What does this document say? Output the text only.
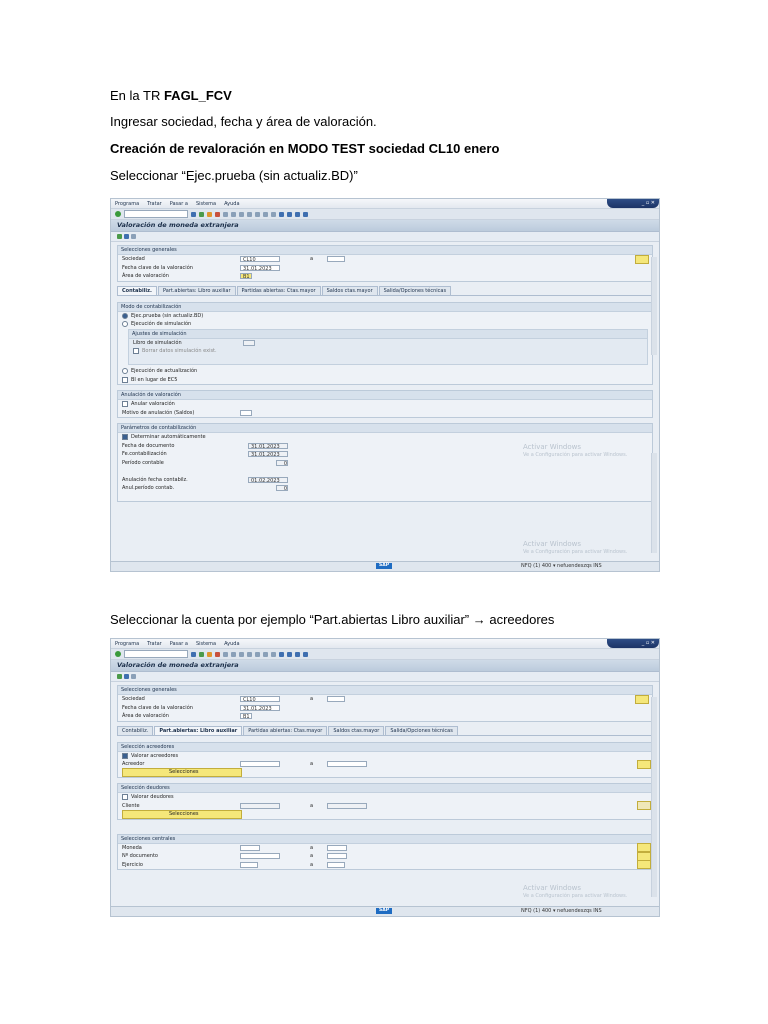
En la TR FAGL_FCV
Ingresar sociedad, fecha y área de valoración.
Creación de revaloración en MODO TEST sociedad CL10 enero
Seleccionar “Ejec.prueba (sin actualiz.BD)”
Seleccionar la cuenta por ejemplo “Part.abiertas Libro auxiliar” → acreedores
Programa Tratar Pasar a Sistema Ayuda	_ ▫ ✕
Valoración de moneda extranjera
Selecciones generales
Sociedad	CL10	a
Fecha clave de la valoración	31.01.2023
Área de valoración	B1
Contabiliz.	Part.abiertas: Libro auxiliar	Partidas abiertas: Ctas.mayor	Saldos ctas.mayor	Salida/Opciones técnicas
Modo de contabilización
Ejec.prueba (sin actualiz.BD)
Ejecución de simulación
Ajustes de simulación
Libro de simulación
Borrar datos simulación exist.
Ejecución de actualización
BI en lugar de EC5
Anulación de valoración
Anular valoración
Motivo de anulación (Saldos)
Parámetros de contabilización
Determinar automáticamente
Fecha de documento	31.01.2023
Fe.contabilización	31.01.2023
Período contable	0
Anulación fecha contabilz.	01.02.2023
Anul.período contab.	0
Activar Windows
Ve a Configuración para activar Windows.
Activar Windows
Ve a Configuración para activar Windows.
SAP	NFQ (1) 400 ▾ nefuendeszqs INS
Programa Tratar Pasar a Sistema Ayuda	_ ▫ ✕
Valoración de moneda extranjera
Selecciones generales
Sociedad	CL10	a
Fecha clave de la valoración	31.01.2023
Área de valoración	B1
Contabiliz.	Part.abiertas: Libro auxiliar	Partidas abiertas: Ctas.mayor	Saldos ctas.mayor	Salida/Opciones técnicas
Selección acreedores
Valorar acreedores
Acreedor	a
Selecciones
Selección deudores
Valorar deudores
Cliente	a
Selecciones
Selecciones centrales
Moneda	a
Nº documento	a
Ejercicio	a
Activar Windows
Ve a Configuración para activar Windows.
SAP	NFQ (1) 400 ▾ nefuendeszqs INS
